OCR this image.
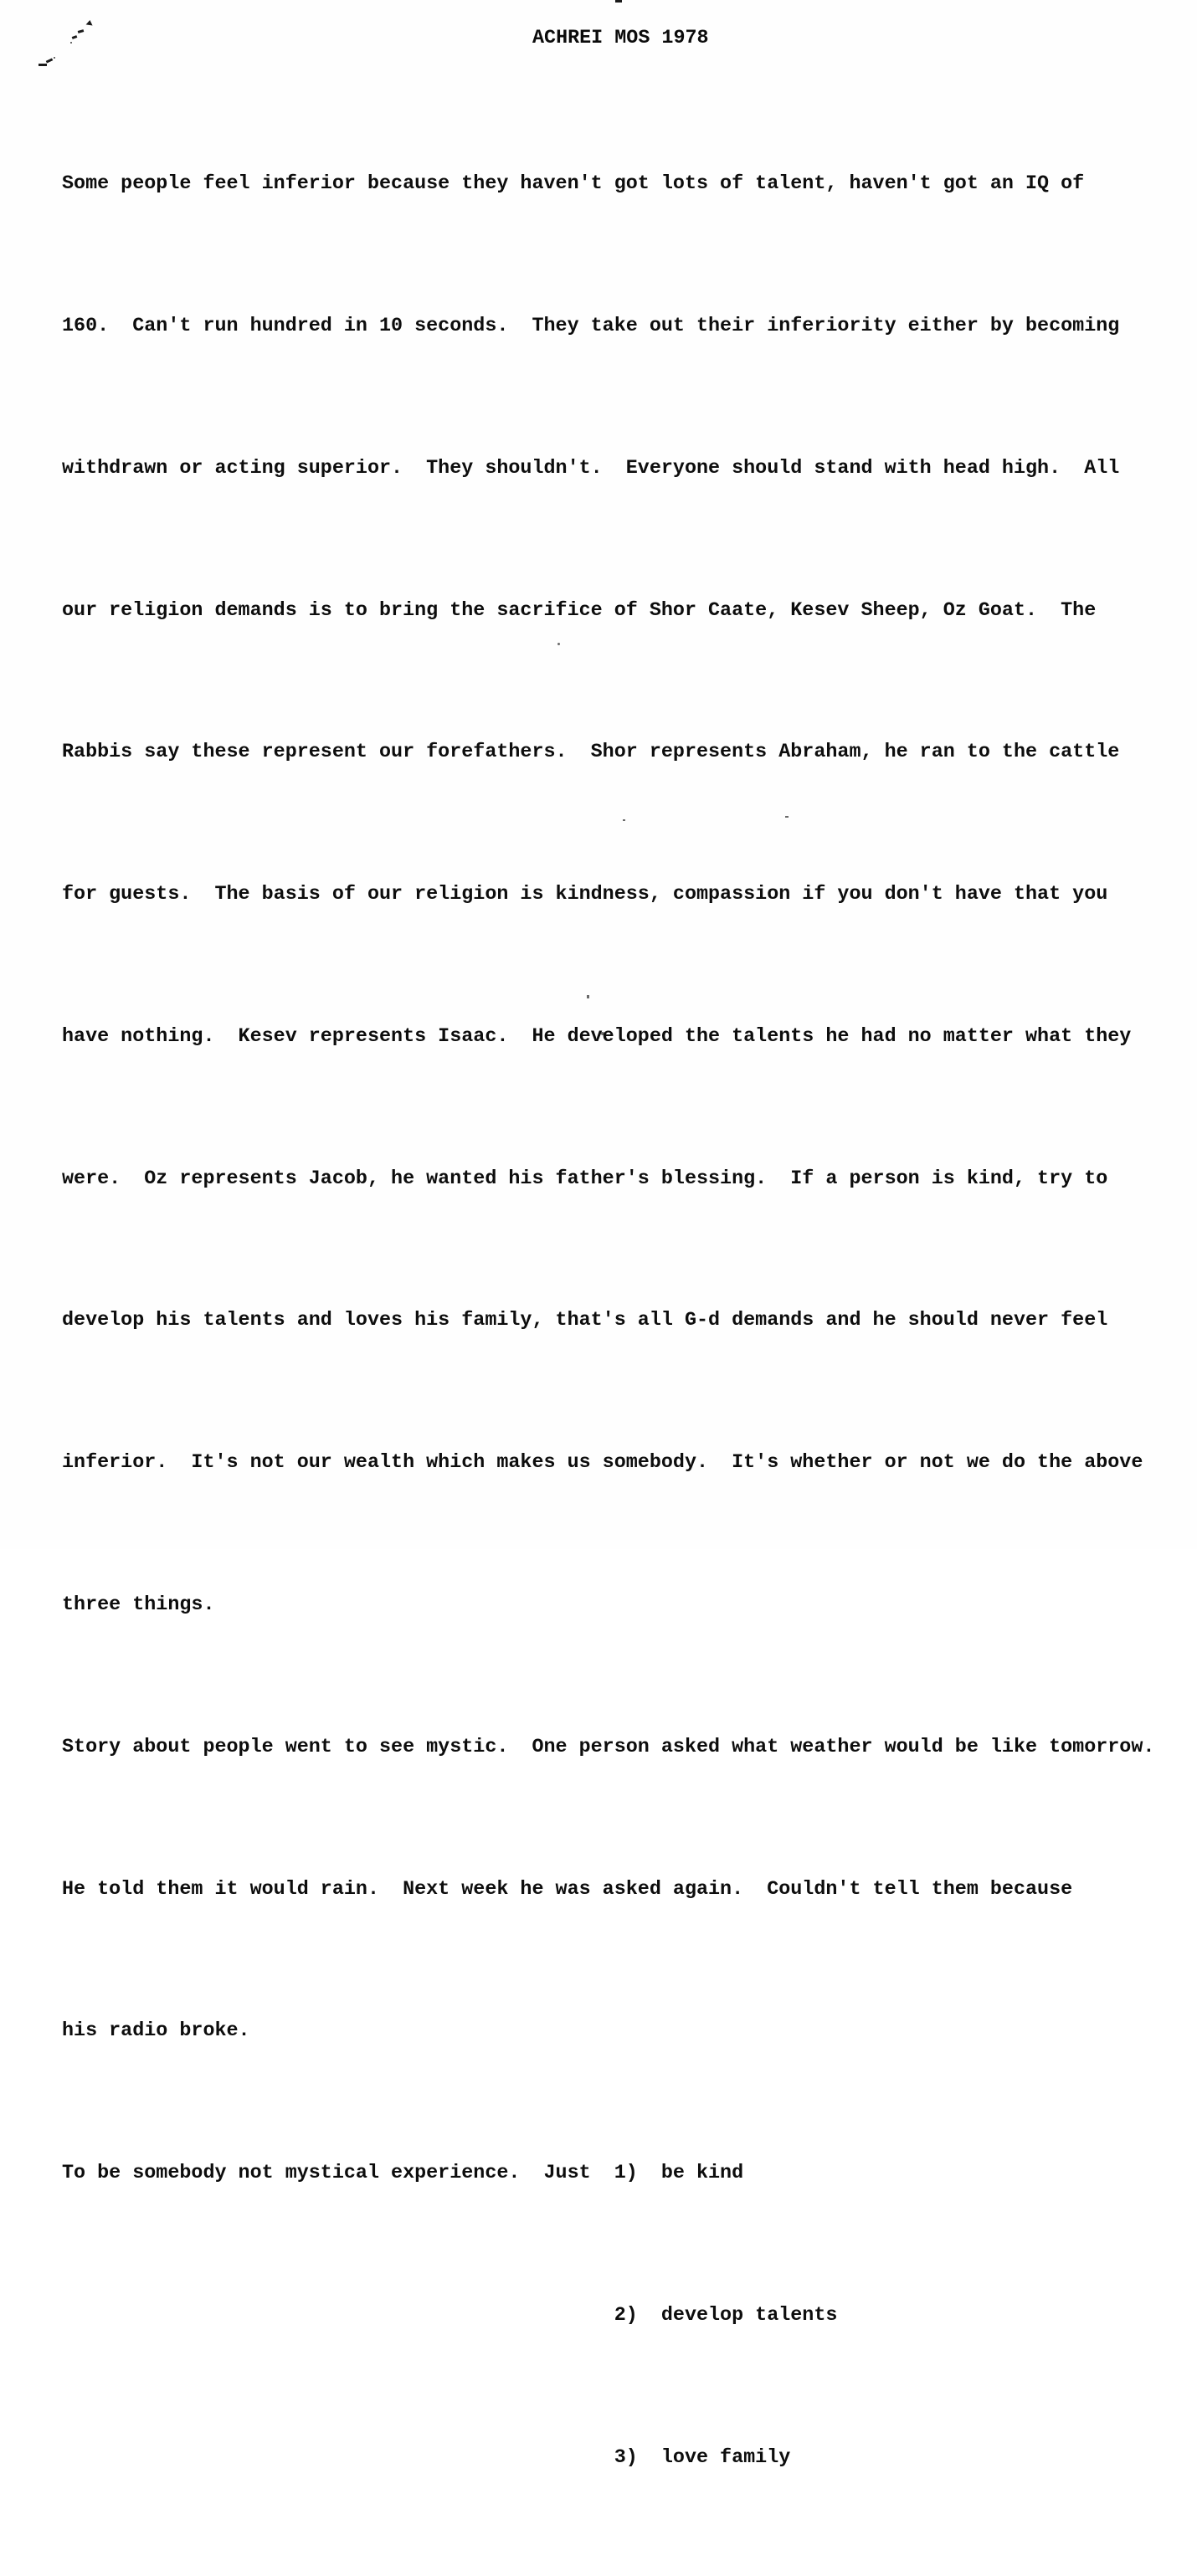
ACHREI MOS 1978

Some people feel inferior because they haven't got lots of talent, haven't got an IQ of

160.  Can't run hundred in 10 seconds.  They take out their inferiority either by becoming

withdrawn or acting superior.  They shouldn't.  Everyone should stand with head high.  All

our religion demands is to bring the sacrifice of Shor Caate, Kesev Sheep, Oz Goat.  The

Rabbis say these represent our forefathers.  Shor represents Abraham, he ran to the cattle

for guests.  The basis of our religion is kindness, compassion if you don't have that you

have nothing.  Kesev represents Isaac.  He developed the talents he had no matter what they

were.  Oz represents Jacob, he wanted his father's blessing.  If a person is kind, try to

develop his talents and loves his family, that's all G-d demands and he should never feel

inferior.  It's not our wealth which makes us somebody.  It's whether or not we do the above

three things.

Story about people went to see mystic.  One person asked what weather would be like tomorrow.

He told them it would rain.  Next week he was asked again.  Couldn't tell them because

his radio broke.

To be somebody not mystical experience.  Just  1)  be kind

2)  develop talents

3)  love family
